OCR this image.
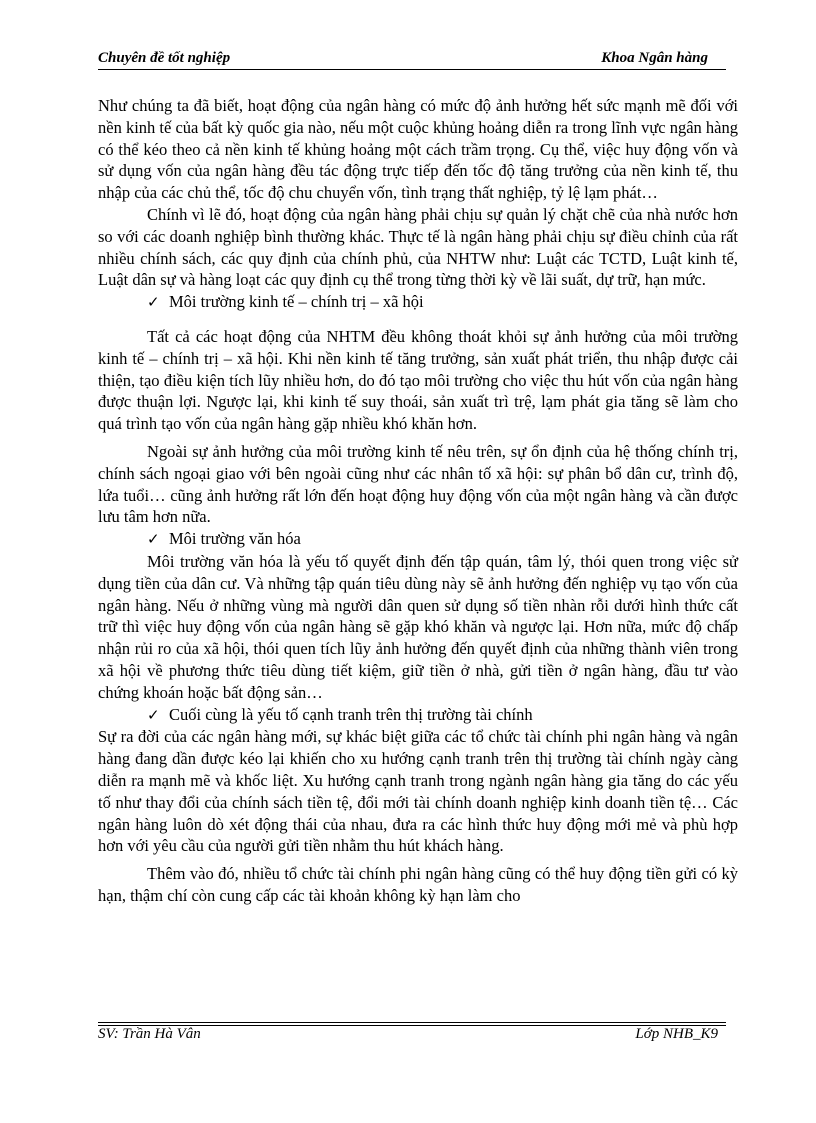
Chuyên đề tốt nghiệp	Khoa Ngân hàng

Như chúng ta đã biết, hoạt động của ngân hàng có mức độ ảnh hưởng hết sức mạnh mẽ đối với nền kinh tế của bất kỳ quốc gia nào, nếu một cuộc khủng hoảng diễn ra trong lĩnh vực ngân hàng có thể kéo theo cả nền kinh tế khủng hoảng một cách trầm trọng. Cụ thể, việc huy động vốn và sử dụng vốn của ngân hàng đều tác động trực tiếp đến tốc độ tăng trưởng của nền kinh tế, thu nhập của các chủ thể, tốc độ chu chuyển vốn, tình trạng thất nghiệp, tỷ lệ lạm phát…

Chính vì lẽ đó, hoạt động của ngân hàng phải chịu sự quản lý chặt chẽ của nhà nước hơn so với các doanh nghiệp bình thường khác. Thực tế là ngân hàng phải chịu sự điều chỉnh của rất nhiều chính sách, các quy định của chính phủ, của NHTW như: Luật các TCTD, Luật kinh tế, Luật dân sự và hàng loạt các quy định cụ thể trong từng thời kỳ về lãi suất, dự trữ, hạn mức.

✓ Môi trường kinh tế – chính trị – xã hội

Tất cả các hoạt động của NHTM đều không thoát khỏi sự ảnh hưởng của môi trường kinh tế – chính trị – xã hội. Khi nền kinh tế tăng trưởng, sản xuất phát triển, thu nhập được cải thiện, tạo điều kiện tích lũy nhiều hơn, do đó tạo môi trường cho việc thu hút vốn của ngân hàng được thuận lợi. Ngược lại, khi kinh tế suy thoái, sản xuất trì trệ, lạm phát gia tăng sẽ làm cho quá trình tạo vốn của ngân hàng gặp nhiều khó khăn hơn.

Ngoài sự ảnh hưởng của môi trường kinh tế nêu trên, sự ổn định của hệ thống chính trị, chính sách ngoại giao với bên ngoài cũng như các nhân tố xã hội: sự phân bổ dân cư, trình độ, lứa tuổi… cũng ảnh hưởng rất lớn đến hoạt động huy động vốn của một ngân hàng và cần được lưu tâm hơn nữa.

✓ Môi trường văn hóa

Môi trường văn hóa là yếu tố quyết định đến tập quán, tâm lý, thói quen trong việc sử dụng tiền của dân cư. Và những tập quán tiêu dùng này sẽ ảnh hưởng đến nghiệp vụ tạo vốn của ngân hàng. Nếu ở những vùng mà người dân quen sử dụng số tiền nhàn rỗi dưới hình thức cất trữ thì việc huy động vốn của ngân hàng sẽ gặp khó khăn và ngược lại. Hơn nữa, mức độ chấp nhận rủi ro của xã hội, thói quen tích lũy ảnh hưởng đến quyết định của những thành viên trong xã hội về phương thức tiêu dùng tiết kiệm, giữ tiền ở nhà, gửi tiền ở ngân hàng, đầu tư vào chứng khoán hoặc bất động sản…

✓ Cuối cùng là yếu tố cạnh tranh trên thị trường tài chính

Sự ra đời của các ngân hàng mới, sự khác biệt giữa các tổ chức tài chính phi ngân hàng và ngân hàng đang dần được kéo lại khiến cho xu hướng cạnh tranh trên thị trường tài chính ngày càng diễn ra mạnh mẽ và khốc liệt. Xu hướng cạnh tranh trong ngành ngân hàng gia tăng do các yếu tố như thay đổi của chính sách tiền tệ, đổi mới tài chính doanh nghiệp kinh doanh tiền tệ… Các ngân hàng luôn dò xét động thái của nhau, đưa ra các hình thức huy động mới mẻ và phù hợp hơn với yêu cầu của người gửi tiền nhằm thu hút khách hàng.

Thêm vào đó, nhiều tổ chức tài chính phi ngân hàng cũng có thể huy động tiền gửi có kỳ hạn, thậm chí còn cung cấp các tài khoản không kỳ hạn làm cho

SV: Trần Hà Vân	Lớp NHB_K9
